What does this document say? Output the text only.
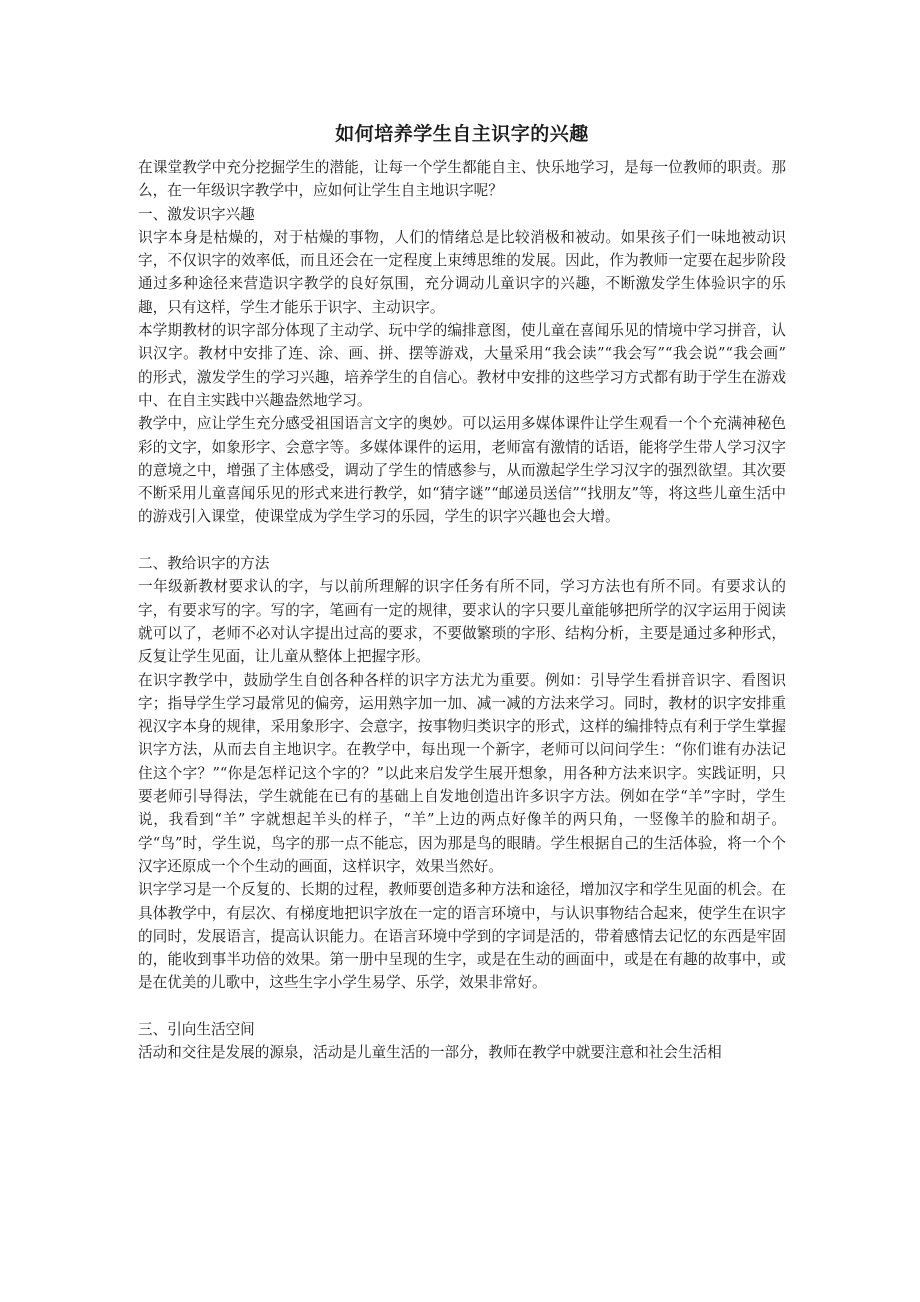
如何培养学生自主识字的兴趣

在课堂教学中充分挖掘学生的潜能，让每一个学生都能自主、快乐地学习，是每一位教师的职责。那么，在一年级识字教学中，应如何让学生自主地识字呢？

一、激发识字兴趣

识字本身是枯燥的，对于枯燥的事物，人们的情绪总是比较消极和被动。如果孩子们一味地被动识字，不仅识字的效率低，而且还会在一定程度上束缚思维的发展。因此，作为教师一定要在起步阶段通过多种途径来营造识字教学的良好氛围，充分调动儿童识字的兴趣，不断激发学生体验识字的乐趣，只有这样，学生才能乐于识字、主动识字。

本学期教材的识字部分体现了主动学、玩中学的编排意图，使儿童在喜闻乐见的情境中学习拼音，认识汉字。教材中安排了连、涂、画、拼、摆等游戏，大量采用“我会读”“我会写”“我会说”“我会画” 的形式，激发学生的学习兴趣，培养学生的自信心。教材中安排的这些学习方式都有助于学生在游戏中、在自主实践中兴趣盎然地学习。

教学中，应让学生充分感受祖国语言文字的奥妙。可以运用多媒体课件让学生观看一个个充满神秘色彩的文字，如象形字、会意字等。多媒体课件的运用，老师富有激情的话语，能将学生带人学习汉字的意境之中，增强了主体感受，调动了学生的情感参与，从而激起学生学习汉字的强烈欲望。其次要不断采用儿童喜闻乐见的形式来进行教学，如“猜字谜”“邮递员送信”“找朋友”等，将这些儿童生活中的游戏引入课堂，使课堂成为学生学习的乐园，学生的识字兴趣也会大增。

二、教给识字的方法

一年级新教材要求认的字，与以前所理解的识字任务有所不同，学习方法也有所不同。有要求认的字，有要求写的字。写的字，笔画有一定的规律，要求认的字只要儿童能够把所学的汉字运用于阅读就可以了，老师不必对认字提出过高的要求，不要做繁琐的字形、结构分析，主要是通过多种形式，反复让学生见面，让儿童从整体上把握字形。

在识字教学中，鼓励学生自创各种各样的识字方法尤为重要。例如：引导学生看拼音识字、看图识字；指导学生学习最常见的偏旁，运用熟字加一加、减一减的方法来学习。同时，教材的识字安排重视汉字本身的规律，采用象形字、会意字，按事物归类识字的形式，这样的编排特点有利于学生掌握识字方法，从而去自主地识字。在教学中，每出现一个新字，老师可以问问学生：“你们谁有办法记住这个字？”“你是怎样记这个字的？”以此来启发学生展开想象，用各种方法来识字。实践证明，只要老师引导得法，学生就能在已有的基础上自发地创造出许多识字方法。例如在学“羊”字时，学生说，我看到“羊” 字就想起羊头的样子，“羊”上边的两点好像羊的两只角，一竖像羊的脸和胡子。学“鸟”时，学生说，鸟字的那一点不能忘，因为那是鸟的眼睛。学生根据自己的生活体验，将一个个汉字还原成一个个生动的画面，这样识字，效果当然好。

识字学习是一个反复的、长期的过程，教师要创造多种方法和途径，增加汉字和学生见面的机会。在具体教学中，有层次、有梯度地把识字放在一定的语言环境中，与认识事物结合起来，使学生在识字的同时，发展语言，提高认识能力。在语言环境中学到的字词是活的，带着感情去记忆的东西是牢固的，能收到事半功倍的效果。第一册中呈现的生字，或是在生动的画面中，或是在有趣的故事中，或是在优美的儿歌中，这些生字小学生易学、乐学，效果非常好。

三、引向生活空间

活动和交往是发展的源泉，活动是儿童生活的一部分，教师在教学中就要注意和社会生活相
